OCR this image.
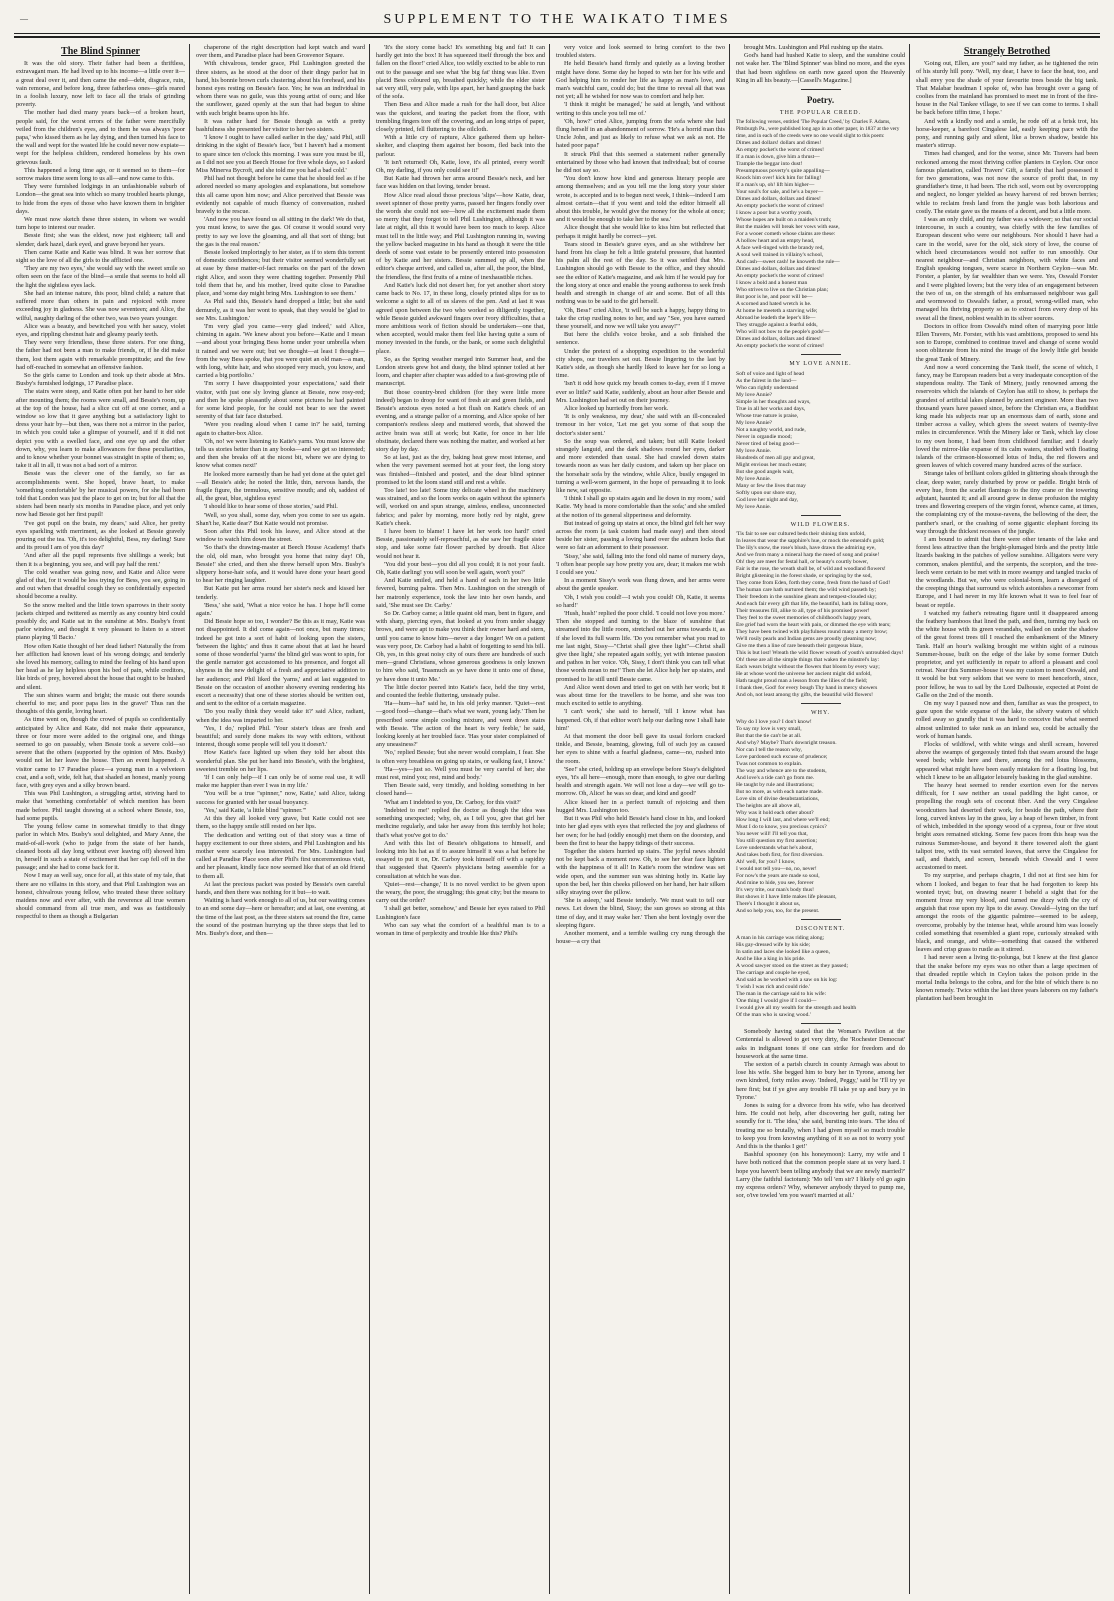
—	SUPPLEMENT TO THE WAIKATO TIMES
The Blind Spinner

It was the old story. Their father had been a thriftless, extravagant man. He had lived up to his income—a little over it—a great deal over it, and then came the end—debt, disgrace, ruin, vain remorse, and before long, three fatherless ones—girls reared in a foolish luxury, now left to face all the trials of grinding poverty.

The mother had died many years back—of a broken heart, people said, for the worst errors of the father were mercifully veiled from the children's eyes, and to them he was always 'poor papa,' who kissed them as he lay dying, and then turned his face to the wall and wept for the wasted life he could never now expiate—wept for the helpless children, rendered homeless by his own grievous fault.

This happened a long time ago, or it seemed so to them—for sorrow makes time seem long to us all—and now came to this.

They were furnished lodgings in an unfashionable suburb of London—the great sea into which so many troubled hearts plunge, to hide from the eyes of those who have known them in brighter days.

We must now sketch these three sisters, in whom we would turn hope to interest our reader.

Bessie first; she was the eldest, now just eighteen; tall and slender, dark hazel, dark eyed, and grave beyond her years.

Then came Katie and Katie was blind. It was her sorrow that sight so the love of all the girls to the afflicted one.

'They are my two eyes,' she would say with the sweet smile so often seen on the face of the blind—a smile that seems to hold all the light the sightless eyes lack.

She had an intense nature, this poor, blind child; a nature that suffered more than others in pain and rejoiced with more exceeding joy in gladness. She was now seventeen; and Alice, the wilful, naughty darling of the other two, was two years younger.

Alice was a beauty, and bewitched you with her saucy, violet eyes, and rippling chestnut hair and gleamy pearly teeth.

They were very friendless, these three sisters. For one thing, the father had not been a man to make friends, or, if he did make them, lost them again with remarkable promptitude; and the few had off-reached in somewhat an offensive fashion.

So the girls came to London and took up their abode at Mrs. Busby's furnished lodgings, 17 Paradise place.

The stairs were steep, and Katie often put her hand to her side after mounting them; the rooms were small, and Bessie's room, up at the top of the house, had a slice cut off at one corner, and a window so low that it gave anything but a satisfactory light to dress your hair by—but then, was there not a mirror in the parlor, in which you could take a glimpse of yourself, and if it did not depict you with a swelled face, and one eye up and the other down, why, you learn to make allowances for these peculiarities, and to know whether your bonnet was straight in spite of them; so, take it all in all, it was not a bad sort of a mirror.

Bessie was the clever one of the family, so far as accomplishments went. She hoped, brave heart, to make 'something comfortable' by her musical powers, for she had been told that London was just the place to get on in; but for all that the sisters had been nearly six months in Paradise place, and yet only now had Bessie got her first pupil!

'I've got pupil on the brain, my dears,' said Alice, her pretty eyes sparkling with merriment, as she looked at Bessie gravely pouring out the tea. 'Oh, it's too delightful, Bess, my darling! Sure and its proud I am of you this day!'

'And after all the pupil represents five shillings a week; but then it is a beginning, you see, and will pay half the rent.'

The cold weather was going now, and Katie and Alice were glad of that, for it would be less trying for Bess, you see, going in and out when that dreadful cough they so confidentially expected should become a reality.

So the snow melted and the little town sparrows in their sooty jackets chirped and twittered as merrily as any country bird could possibly do; and Katie sat in the sunshine at Mrs. Busby's front parlor window, and thought it very pleasant to listen to a street piano playing 'Il Bacio.'

How often Katie thought of her dead father! Naturally the from her affliction had known least of his wrong doings; and tenderly she loved his memory, calling to mind the feeling of his hand upon her head as he lay helpless upon his bed of pain, while creditors, like birds of prey, hovered about the house that ought to be hushed and silent.

The sun shines warm and bright; the music out there sounds cheerful to me; and poor papa lies in the grave!' Thus ran the thoughts of this gentle, loving heart.

As time went on, though the crowd of pupils so confidentially anticipated by Alice and Kate, did not make their appearance, three or four more were added to the original one, and things seemed to go on passably, when Bessie took a severe cold—so severe that the others (supported by the opinion of Mrs. Busby) would not let her leave the house. Then an event happened. A visitor came to 17 Paradise place—a young man in a velveteen coat, and a soft, wide, felt hat, that shaded an honest, manly young face, with grey eyes and a silky brown beard.

This was Phil Lushington, a struggling artist, striving hard to make that 'something comfortable' of which mention has been made before. Phil taught drawing at a school where Bessie, too, had some pupils.

The young fellow came in somewhat timidly to that dingy parlor in which Mrs. Busby's soul delighted, and Mary Anne, the maid-of-all-work (who to judge from the state of her hands, cleaned boots all day long without ever leaving off) showed him in, herself in such a state of excitement that her cap fell off in the passage; and she had to come back for it.

Now I may as well say, once for all, at this state of my tale, that there are no villains in this story, and that Phil Lushington was an honest, chivalrous young fellow, who treated these three solitary maidens now and ever after, with the reverence all true women should command from all true men, and was as fastidiously respectful to them as though a Bulgarian

chaperone of the right description had kept watch and ward over them, and Paradise place had been Grosvenor Square.

With chivalrous, tender grace, Phil Lushington greeted the three sisters, as he stood at the door of their dingy parlor hat in hand, his bonnie brown curls clustering about his forehead, and his honest eyes resting on Bessie's face. Yes; he was an individual in whom there was no guile, was this young artist of ours; and like the sunflower, gazed openly at the sun that had begun to shine with such bright beams upon his life.

It was rather hard for Bessie though as with a pretty bashfulness she presented her visitor to her two sisters.

'I know I ought to have called earlier in the day,' said Phil, still drinking in the sight of Bessie's face, 'but I haven't had a moment to spare since ten o'clock this morning. I was sure you must be ill, as I did not see you at Beech House for five whole days, so I asked Miss Minerva Bycroft, and she told me you had a bad cold.'

Phil had not thought before he came that he should feel as if he adored needed so many apologies and explanations, but somehow this all came upon him now; and Alice perceived that Bessie was evidently not capable of much fluency of conversation, rushed bravely to the rescue.

'And now you have found us all sitting in the dark! We do that, you must know, to save the gas. Of course it would sound very pretty to say we love the gloaming, and all that sort of thing; but the gas is the real reason.'

Bessie looked imploringly to her sister, as if to stem this torrent of domestic confidences; but their visitor seemed wonderfully set at ease by these matter-of-fact remarks on the part of the down right Alice, and soon they were chatting together. Presently Phil told them that he, and his mother, lived quite close to Paradise place, and 'some day might bring Mrs. Lushington to see them.'

As Phil said this, Bessie's hand dropped a little; but she said demurely, as it was her wont to speak, that they would be 'glad to see Mrs. Lushington.'

'I'm very glad you came—very glad indeed,' said Alice, chiming in again. 'We knew about you before—Katie and I mean—and about your bringing Bess home under your umbrella when it rained and we were out; but we thought—at least I thought—from the way Bess spoke, that you were quiet an old man—a man, with long, white hair, and who stooped very much, you know, and carried a big portfolio.'

'I'm sorry I have disappointed your expectations,' said their visitor, with just one sly loving glance at Bessie, now rosy-red; and then he spoke pleasantly about some pictures he had painted for some kind people, for he could not bear to see the sweet serenity of that fair face disturbed.

'Were you reading aloud when I came in?' he said, turning again to chatter-box Alice.

'Oh, no! we were listening to Katie's yarns. You must know she tells us stories better than in any books—and we get so interested; and then she breaks off at the nicest bit, where we are dying to know what comes next!'

He looked more earnestly than he had yet done at the quiet girl—all Bessie's aide; he noted the little, thin, nervous hands, the fragile figure, the tremulous, sensitive mouth; and oh, saddest of all, the great, blue, sightless eyes!

'I should like to hear some of those stories,' said Phil.

'Well, so you shall, some day, when you come to see us again. Shan't he, Katie dear?' But Katie would not promise.

Soon after this Phil took his leave, and Alice stood at the window to watch him down the street.

'So that's the drawing-master at Beech House Academy! that's the old, old man, who brought you home that rainy day! Oh, Bessie!' she cried, and then she threw herself upon Mrs. Busby's slippery horse-hair sofa, and it would have done your heart good to hear her ringing laughter.

But Katie put her arms round her sister's neck and kissed her tenderly.

'Bess,' she said, 'What a nice voice he has. I hope he'll come again.'

Did Bessie hope so too, I wonder? Be this as it may, Katie was not disappointed. It did come again—not once, but many times; indeed he got into a sort of habit of looking upon the sisters, 'between the lights;' and thus it came about that at last he heard some of those wonderful 'yarns' the blind girl was wont to spin, for the gentle narrator got accustomed to his presence, and forgot all shyness in the new delight of a fresh and appreciative addition to her audience; and Phil liked the 'yarns,' and at last suggested to Bessie on the occasion of another showery evening rendering his escort a necessity) that one of these stories should be written out, and sent to the editor of a certain magazine.

'Do you really think they would take it?' said Alice, radiant, when the idea was imparted to her.

'Yes, I do,' replied Phil. 'Your sister's ideas are fresh and beautiful; and surely done makes its way with editors, without interest, though some people will tell you it doesn't.'

How Katie's face lighted up when they told her about this wonderful plan. She put her hand into Bessie's, with the brightest, sweetest tremble on her lips.

'If I can only help—if I can only be of some real use, it will make me happier than ever I was in my life.'

'You will be a true "spinner," now, Katie,' said Alice, taking success for granted with her usual buoyancy.

'Yes,' said Katie, 'a little blind "spinner."'

At this they all looked very grave, but Katie could not see them, so the happy smile still rested on her lips.

The dedication and writing out of that story was a time of happy excitement to our three sisters, and Phil Lushington and his mother were scarcely less interested. For Mrs. Lushington had called at Paradise Place soon after Phil's first unceremonious visit, and her pleasant, kindly face now seemed like that of an old friend to them all.

At last the precious packet was posted by Bessie's own careful hands, and then there was nothing for it but—to wait.

Waiting is hard work enough to all of us, but our waiting comes to an end some day—here or hereafter; and at last, one evening, at the time of the last post, as the three sisters sat round the fire, came the sound of the postman hurrying up the three steps that led to Mrs. Busby's door, and then—

'It's the story come back! It's something big and fat! It can hardly get into the box! It has squeezed itself through the box and fallen on the floor!' cried Alice, too wildly excited to be able to run out to the passage and see what 'the big fat' thing was like. Even placid Bess coloured up, breathed quickly; while the elder sister sat very still, very pale, with lips apart, her hand grasping the back of the sofa.

Then Bess and Alice made a rush for the hall door, but Alice was the quickest, and tearing the packet from the floor, with trembling fingers tore off the covering, and an long strips of paper, closely printed, fell fluttering to the oilcloth.

With a little cry of rapture, Alice gathered them up helter-skelter, and clasping them against her bosom, fled back into the parlour.

'It isn't returned! Oh, Katie, love, it's all printed, every word! Oh, my darling, if you only could see it!'

But Katie had thrown her arms around Bessie's neck, and her face was hidden on that loving, tender breast.

How Alice read aloud those precious 'slips'—how Katie, dear, sweet spinner of those pretty yarns, passed her fingers fondly over the words she could not see—how all the excitement made them so merry that they forgot to tell Phil Lushington, although it was late at night, all this it would have been too much to keep. Alice must tell in the little way; and Phil Lushington running in, waving the yellow backed magazine in his hand as though it were the title deeds of some vast estate to be presently entered into possession of by Katie and her sisters. Bessie summed up all, when the editor's cheque arrived, and called us, after all, the poor, the blind, the friendless, the first fruits of a mine of inexhaustible riches.

And Katie's luck did not desert her, for yet another short story came back to No. 17, in these long, closely printed slips for us to welcome a sight to all of us slaves of the pen. And at last it was agreed upon between the two who worked so diligently together, while Bessie guided awkward fingers over ivory difficulties, that a more ambitious work of fiction should be undertaken—one that, when accepted, would make them feel like having quite a sum of money invested in the funds, or the bank, or some such delightful place.

So, as the Spring weather merged into Summer heat, and the London streets grew hot and dusty, the blind spinner toiled at her loom, and chapter after chapter was added to a fast-growing pile of manuscript.

But those country-bred children (for they were little more indeed) began to droop for want of fresh air and green fields, and Bessie's anxious eyes noted a hot flush on Katie's cheek of an evening, and a strange pallor of a morning, and Alice spoke of her companion's restless sleep and muttered words, that showed the active brain was still at work; but Katie, for once in her life obstinate, declared there was nothing the matter, and worked at her story day by day.

So at last, just as the dry, baking heat grew most intense, and when the very pavement seemed hot at your feet, the long story was finished—finished and posted, and the dear blind spinner promised to let the loom stand still and rest a while.

Too late! too late! Some tiny delicate wheel in the machinery was strained, and so the loom works on again without the spinner's will, worked on and spun strange, aimless, endless, unconnected fabrics; and paler by morning, more hotly red by night, grew Katie's cheek.

I have been to blame! I have let her work too hard!' cried Bessie, passionately self-reproachful, as she saw her fragile sister stop, and take some fair flower parched by drouth. But Alice would not hear it.

'You did your best—you did all you could; it is not your fault. Oh, Katie darling! you will soon be well again, won't you?'

And Katie smiled, and held a hand of each in her two little fevered, burning palms. Then Mrs. Lushington on the strength of her matronly experience, took the law into her own hands, and said, 'She must see Dr. Carby.'

So Dr. Carboy came; a little quaint old man, bent in figure, and with sharp, piercing eyes, that looked at you from under shaggy brows, and were apt to make you think their owner hard and stern, until you came to know him—never a day longer! We on a patient was very poor, Dr. Carboy had a habit of forgetting to send his bill. Oh, yes, in this great noisy city of ours there are hundreds of such men—grand Christians, whose generous goodness is only known to him who said, 'Inasmuch as ye have done it unto one of these, ye have done it unto Me.'

The little doctor peered into Katie's face, held the tiny wrist, and counted the feeble fluttering, unsteady pulse.

'Ha—hum—ha!' said he, in his old jerky manner. 'Quiet—rest—good food—change—that's what we want, young lady.' Then he prescribed some simple cooling mixture, and went down stairs with Bessie. 'The action of the heart is very feeble,' he said, looking keenly at her troubled face. 'Has your sister complained of any uneasiness?'

'No,' replied Bessie; 'but she never would complain, I fear. She is often very breathless on going up stairs, or walking fast, I know.'

'Ha—yes—just so. Well you must be very careful of her; she must rest, mind you; rest, mind and body.'

Then Bessie said, very timidly, and holding something in her closed hand—

'What am I indebted to you, Dr. Carboy, for this visit?'

'Indebted to me!' replied the doctor as though the idea was something unexpected; 'why, oh, as I tell you, give that girl her medicine regularly, and take her away from this terribly hot hole; that's what you've got to do.'

And with this list of Bessie's obligations to himself, and looking into his hat as if to assure himself it was a hat before he essayed to put it on, Dr. Carboy took himself off with a rapidity that suggested that Queen's physicians being assemble for a consultation at which he was due.

'Quiet—rest—change,' It is no novel verdict to be given upon the weary, the poor, the struggling; this great city; but the means to carry out the order?

'I shall get better, somehow,' and Bessie her eyes raised to Phil Lushington's face

Who can say what the comfort of a healthful man is to a woman in time of perplexity and trouble like this? Phil's

very voice and look seemed to bring comfort to the two troubled sisters.

He held Bessie's hand firmly and quietly as a loving brother might have done. Some day he hoped to win her for his wife and God helping him to render her life as happy as man's love, and man's watchful care, could do; but the time to reveal all that was not yet; all he wished for now was to comfort and help her.

'I think it might be managed,' he said at length, 'and without writing to this uncle you tell me of.'

'Oh, how?' cried Alice, jumping from the sofa where she had flung herself in an abandonment of sorrow. 'He's a horrid man this Uncle John, and just as likely to refuse what we ask as not. He hated poor papa!'

It struck Phil that this seemed a statement rather generally entertained by those who had known that individual; but of course he did not say so.

'You don't know how kind and generous literary people are among themselves; and as you tell me the long story your sister wrote, is accepted and is to begun next week, I think—indeed I am almost certain—that if you went and told the editor himself all about this trouble, he would give the money for the whole at once; and it would be enough to take her to the sea.'

Alice thought that she would like to kiss him but reflected that perhaps it might hardly be correct—yet.

Tears stood in Bessie's grave eyes, and as she withdrew her hand from his clasp he felt a little grateful pressure, that haunted his palm all the rest of the day. So it was settled that Mrs. Lushington should go with Bessie to the office, and they should see the editor of Katie's magazine, and ask him if he would pay for the long story at once and enable the young authoress to seek fresh health and strength in change of air and scene. But of all this nothing was to be said to the girl herself.

'Oh, Bess!' cried Alice, 'it will be such a happy, happy thing to take the crisp rustling notes to her, and say "See, you have earned these yourself, and now we will take you away!"'

But here the child's voice broke, and a sob finished the sentence.

Under the pretext of a shopping expedition to the wonderful city shops, our travelers set out. Bessie lingering to the last by Katie's side, as though she hardly liked to leave her for so long a time.

'Isn't it odd how quick my breath comes to-day, even if I move ever so little?' said Katie, suddenly, about an hour after Bessie and Mrs. Lushington had set out on their journey.

Alice looked up hurriedly from her work.

'It is only weakness, my dear,' she said with an ill-concealed tremour in her voice, 'Let me get you some of that soup the doctor's sister sent.'

So the soup was ordered, and taken; but still Katie looked strangely languid, and the dark shadows round her eyes, darker and more extended than usual. She had crawled down stairs towards noon as was her daily custom, and taken up her place on the horsehair sofa by the window, while Alice, busily engaged in turning a well-worn garment, in the hope of persuading it to look like new, sat opposite.

'I think I shall go up stairs again and lie down in my room,' said Katie. 'My head is more comfortable than the sofa;' and she smiled at the notion of its general slipperiness and deformity.

But instead of going up stairs at once, the blind girl felt her way across the room (a task custom had made easy) and then stood beside her sister, passing a loving hand over the auburn locks that were so fair an adornment to their possessor.

'Sissy,' she said, falling into the fond old name of nursery days, 'I often hear people say how pretty you are, dear; it makes me wish I could see you.'

In a moment Sissy's work was flung down, and her arms were about the gentle speaker.

'Oh, I wish you could!—I wish you could! Oh, Katie, it seems so hard!'

'Hush, hush!' replied the poor child. 'I could not love you more.' Then she stopped and turning to the blaze of sunshine that streamed into the little room, stretched out her arms towards it, as if she loved its full warm life. 'Do you remember what you read to me last night, Sissy—"Christ shall give thee light"—Christ shall give thee light,' she repeated again softly, yet with intense passion and pathos in her voice. 'Oh, Sissy, I don't think you can tell what those words mean to me!' Then she let Alice help her up stairs, and promised to lie still until Bessie came.

And Alice went down and tried to get on with her work; but it was about time for the travellers to be home, and she was too much excited to settle to anything.

'I can't work,' she said to herself, 'till I know what has happened. Oh, if that editor won't help our darling now I shall hate him!'

At that moment the door bell gave its usual forlorn cracked tinkle, and Bessie, beaming, glowing, full of such joy as caused her eyes to shine with a fearful gladness, came—no, rushed into the room.

'See!' she cried, holding up an envelope before Sissy's delighted eyes, 'it's all here—enough, more than enough, to give our darling health and strength again. We will not lose a day—we will go to-morrow. Oh, Alice! he was so dear, and kind and good!'

Alice kissed her in a perfect tumult of rejoicing and then hugged Mrs. Lushington too.

But it was Phil who held Bessie's hand close in his, and looked into her glad eyes with eyes that reflected the joy and gladness of her own; for he had (oddly enough) met them on the doorstep, and been the first to hear the happy tidings of their success.

Together the sisters hurried up stairs. The joyful news should not be kept back a moment now. Oh, to see her dear face lighten with the happiness of it all! In Katie's room the window was set wide open, and the summer sun was shining hotly in. Katie lay upon the bed, her thin cheeks pillowed on her hand, her hair silken silky straying over the pillow.

'She is asleep,' said Bessie tenderly. 'We must wait to tell our news. Let down the blind, Sissy; the sun grows so strong at this time of day, and it may wake her.' Then she bent lovingly over the sleeping figure.

Another moment, and a terrible wailing cry rung through the house—a cry that

brought Mrs. Lushington and Phil rushing up the stairs.

God's hand had hushed Katie to sleep, and the sunshine could not wake her. The 'Blind Spinner' was blind no more, and the eyes that had been sightless on earth now gazed upon the Heavenly King in all his beauty.—[Cassell's Magazine.]

Poetry.
THE POPULAR CREED.

The following verses, entitled 'The Popular Creed,' by Charles F. Adams, Pittsburgh Pa., were published long ago in an other paper, in 1837 at the very time, and in each of the creeds were no one would slight to this poem:

Dimes and dollars! dollars and dimes!

An empty pocket's the worst of crimes!

If a man is down, give him a thrust—

Trample the beggar into dust!

Presumptuous poverty's quite appalling—

Knock him over! kick him for falling!

If a man's up, oh! lift him higher—

Your soul's for sale, and he's a buyer—

Dimes and dollars, dollars and dimes!

An empty pocket's the worst of crimes!

I know a poor but a worthy youth,

Whose hopes are built on a maiden's truth;

But the maiden will break her vows with ease,

For a wooer cometh whose claims are these:

A hollow heart and an empty head,

A face well-tinged with the brandy red,

A soul well trained in villainy's school,

And cash—sweet cash! he knoweth the rule—

Dimes and dollars, dollars and dimes!

An empty pocket's the worst of crimes!

I know a bold and a honest man

Who strives to live on the Christian plan;

But poor is he, and poor will be—

A scorned and hated wretch is he.

At home he meeteth a starving wife;

Abroad he leadeth the leper's life—

They struggle against a fearful odds,

Who will not bow to the people's gods!—

Dimes and dollars, dollars and dimes!

An empty pocket's the worst of crimes!

MY LOVE ANNIE.

Soft of voice and light of head

As the fairest in the land—

Who can rightly understand

My love Annie?

Simple in her thoughts and ways,

True in all her works and days,

Whose true nature is praise,

My love Annie?

Not a naughty world, and rude,

Never in organdie mood;

Never tired of being good—

My love Annie.

Hundreds of men all gay and great,

Might envious her much estate;

But she good angels wait,

My love Annie.

Many or few the lives that may

Softly upon our shore stay,

God love her night and day,

My love Annie.

WILD FLOWERS.

'Tis fair to see our cultured beds their shining tints unfold,

In leaves that wear the sapphire's hue, or mock the emerald's gold;

The lily's snow, the rose's blush, have drawn the admiring eye,

And we from many a mineral harp the meed of song and praise!

Oh! they are meet for festal hall, or beauty's courtly bower,

Fair is the rose, the wreath shall be, of wild and woodland flowers!

Bright glistening in the forest shade, or springing by the sod,

They come from Eden, forth they come, fresh from the hand of God!

The human care hath nurtured them; the wild wind passeth by;

Their freedom in the sunshine gleam and tempest-clouded sky;

And each fair every gift that life, the beautiful, hath its falling store,

Their treasures fill, alike to all, type of his promised power!

They feel to the sweet memories of childhood's happy years,

Ere grief had worn the heart with pain, or dimmed the eye with tears;

They have been twined with playfulness round many a merry brow;

We'll rosily pearls and Indian gems are proudly gleaming now;

Give me then a line of rare beneath their gorgeous blaze,

This is but lost! Wreath the wild flower wreath of youth's untroubled days!

Oh! these are all the simple things that waken the minstrel's lay:

Each wears bright without the flowers that bloom by every way;

He at whose word the universe her ancient might did unfold,

Hath taught proud man a lesson from the lilies of the field;

I thank thee, God! for every bough Thy hand in mercy showers

And oh, not least among thy gifts, the beautiful wild flowers!

WHY.

Why do I love you? I don't know!

To say my love is very small,

But that the tie can't be at all.

And why? Maybe? That's downright treason.

Nor can I tell the reason why,

Love pardoned such excuse of prudence;

Twas not common to explain.

The way and whence are to the students,

And love's a tide can't go from me.

He taught by rule and illustrations;

But no more, as with each name made.

Love sits of divine desubstantiations,

The heights are all above all,

Why was it hold each other about?

How long I will last, and where we'll end;

Must I do to know, you precious cynics?

You never will! I'll tell you that,

You still question my first assertion;

Love understands what he's about,

And takes both first, for first diversion.

Ah! well, for you? I know,

I would not tell you—no, no, never!

For now's the years are made so soul,

And mine to hide, you see, forever

It's very trite, our man's body thus!

But shows it I have little makes life pleasant,

There's I thought it about us,

And so help you, too, for the present.

DISCONTENT.

A man in his carriage was riding along;

His gay-dressed wife by his side;

In satin and laces she looked like a queen,

And he like a king in his pride.

A wood sawyer stood on the street as they passed;

The carriage and couple he eyed,

And said as he worked with a saw on his log:

'I wish I was rich and could ride.'

The man in the carriage said to his wife:

'One thing I would give if I could—

I would give all my wealth for the strength and health

Of the man who is sawing wood.'

Somebody having stated that the Woman's Pavilion at the Centennial is allowed to get very dirty, the 'Rochester Democrat' asks in indignant tones if one can strike for freedom and do housework at the same time.

The sexton of a parish church in county Armagh was about to lose his wife. She begged him to bury her in Tyrone, among her own kindred, forty miles away. 'Indeed, Peggy,' said he 'I'll try ye here first; but if ye give any trouble I'll take ye up and bury ye in Tyrone.'

Jones is suing for a divorce from his wife, who has deceived him. He could not help, after discovering her guilt, rating her soundly for it. 'The idea,' she said, bursting into tears. 'The idea of treating me so brutally, when I had given myself so much trouble to keep you from knowing anything of it so as not to worry you! And this is the thanks I get!'

Bashful spooney (on his honeymoon): Larry, my wife and I have both noticed that the common people stare at us very hard. I hope you haven't been telling anybody that we are newly married?' Larry (the faithful factotum): 'Mo tell 'em sir? I likely o'd go agin my express orders? Why, whenever anybody thryed to pump me, sor, o'ive towled 'em you wasn't married at all.'

Strangely Betrothed

'Going out, Ellen, are you?' said my father, as he tightened the rein of his sturdy hill pony. 'Well, my dear, I have to face the heat, too, and shall envy you the shade of your favourite trees beside the big tank. That Malabar headman I spoke of, who has brought over a gang of coolies from the mainland has promised to meet me in front of the fire-house in the Nal Tankee village, to see if we can come to terms. I shall be back before tiffin time, I hope.'

And with a kindly nod and a smile, he rode off at a brisk trot, his horse-keeper, a barefoot Cingalese lad, easily keeping pace with the pony, and running gaily and silent, like a brown shadow, beside his master's stirrup.

Times had changed, and for the worse, since Mr. Travers had been reckoned among the most thriving coffee planters in Ceylon. Our once famous plantation, called Travers' Gift, a family that had possessed it for two generations, was not now the source of profit that, in my grandfather's time, it had been. The rich soil, worn out by overcropping and neglect, no longer yielded as heavy harvest of red brown berries; while to reclaim fresh land from the jungle was both laborious and costly. The estate gave us the means of a decent, and but a little more.

I was an only child, and my father was a widower; so that our social intercourse, in such a country, was chiefly with the few families of European descent who were our neighbours. Nor should I have had a care in the world, save for the old, sick story of love, the course of which heed circumstances would not suffer to run smoothly. Our nearest neighbour—and Christian neighbors, with white faces and English speaking tongues, were scarce in Northern Ceylon—was Mr. Forster, a planter, by far wealthier than we were. Yes, Oswald Forster and I were plighted lovers; but the very idea of an engagement between the two of us, on the strength of his embarrassed neighbour was gall and wormwood to Oswald's father, a proud, wrong-willed man, who managed his thriving property so as to extract from every drop of his sweat all the finest, noblest wealth in its silver sources.

Doctors in office from Oswald's mind often of marrying poor little Ellen Travers, Mr. Forster, with his vast ambitions, proposed to send his son to Europe, combined to continue travel and change of scene would soon obliterate from his mind the image of the lowly little girl beside the great Tank of Minery.

And now a word concerning the Tank itself, the scene of which, I fancy, may be European readers but a very inadequate conception of the stupendous reality. The Tank of Minery, justly renowned among the reservoirs which the islands of Ceylon has still to show, is perhaps the grandest of artificial lakes planned by ancient engineer. More than two thousand years have passed since, before the Christian era, a Buddhist king made his subjects rear up an enormous dam of earth, stone and timber across a valley, which gives the sweet waters of twenty-five miles in circumference. With the Minery lake or Tank, which lay close to my own home, I had been from childhood familiar; and I dearly loved the mirror-like expanse of its calm waters, studded with floating islands of the crimson-blossomed lotus of India, the red flowers and green leaves of which covered many hundred acres of the surface.

Strange tales of brilliant colors gilded in glittering shoals through the clear, deep water, rarely disturbed by prow or paddle. Bright birds of every hue, from the scarlet flamingo to the tiny crane or the towering adjutant, haunted it; and all around grew in dense profusion the mighty trees and flowering creepers of the virgin forest, whence came, at times, the complaining cry of the mouse-ravens, the bellowing of the deer, the panther's snarl, or the crashing of some gigantic elephant forcing its way through the thickest recesses of the jungle.

I am bound to admit that there were other tenants of the lake and forest less attractive than the bright-plumaged birds and the pretty little lizards basking in the patches of yellow sunshine. Alligators were very common, snakes plentiful, and the serpents, the scorpion, and the tree-leech were certain to be met with in more swampy and tangled tracks of the woodlands. But we, who were colonial-born, learn a disregard of the creeping things that surround us which astonishes a newcomer from Europe, and I had never in my life known what it was to feel fear of beast or reptile.

I watched my father's retreating figure until it disappeared among the feathery bamboos that lined the path, and then, turning my back on the white house with its green verandahs, walked on under the shadow of the great forest trees till I reached the embankment of the Minery Tank. Half an hour's walking brought me within sight of a ruinous Summer-house, built on the edge of the lake by some former Dutch proprietor, and yet sufficiently in repair to afford a pleasant and cool retreat. Near this Summer-house it was my custom to meet Oswald, and it would be but very seldom that we were to meet henceforth, since, poor fellow, he was to sail by the Lord Dalhousie, expected at Point de Galle on the 2nd of the month.

On my way I paused now and then, familiar as was the prospect, to gaze upon the wide expanse of the lake, the silvery waters of which rolled away so grandly that it was hard to conceive that what seemed almost unlimited to take rank as an inland sea, could be actually the work of human hands.

Flocks of wildfowl, with white wings and shrill scream, hovered above the swamps of gorgeously tinted fish that swam around the huge weed beds; while here and there, among the red lotus blossoms, appeared what might have been easily mistaken for a floating log, but which I knew to be an alligator leisurely basking in the glad sunshine.

The heavy heat seemed to render exertion even for the nerves difficult, for I saw neither an usual paddling the light canoe, or propelling the rough sets of coconut fiber. And the very Cingalese woodcutters had deserted their work, for beside the path, where their long, curved knives lay in the grass, lay a heap of hewn timber, in front of which, imbedded in the spongy wood of a cypress, four or five stout bright axes remained sticking. Some few paces from this heap was the ruinous Summer-house, and beyond it there towered aloft the giant talipot tree, with its vast serrated leaves, that serve the Cingalese for sail, and thatch, and screen, beneath which Oswald and I were accustomed to meet.

To my surprise, and perhaps chagrin, I did not at first see him for whom I looked, and began to fear that he had forgotten to keep his wonted tryst; but, on drawing nearer I beheld a sight that for the moment froze my very blood, and turned me dizzy with the cry of anguish that rose upon my lips to die away. Oswald—lying on the turf amongst the roots of the gigantic palmtree—seemed to be asleep, overcome, probably by the intense heat, while around him was loosely coiled something that resembled a giant rope, curiously streaked with black, and orange, and white—something that caused the withered leaves and crisp grass to rustle as it stirred.

I had never seen a living tic-polunga, but I knew at the first glance that the snake before my eyes was no other than a large specimen of that dreaded reptile which in Ceylon takes the poison pride in the mortal India belongs to the cobra, and for the bite of which there is no known remedy. Twice within the last three years laborers on my father's plantation had been brought in
